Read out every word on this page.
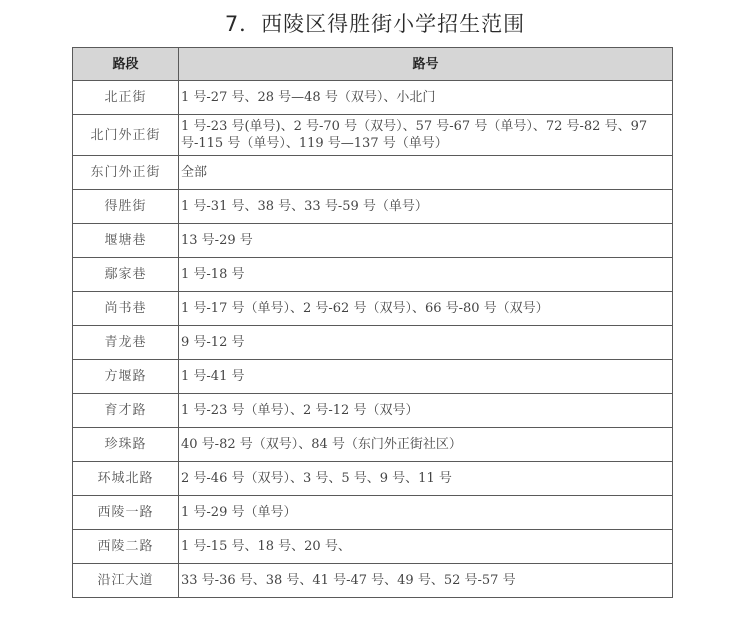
7．西陵区得胜街小学招生范围
路段	路号
北正街	1 号-27 号、28 号—48 号（双号）、小北门
北门外正街	1 号-23 号(单号)、2 号-70 号（双号）、57 号-67 号（单号）、72 号-82 号、97 号-115 号（单号）、119 号—137 号（单号）
东门外正街	全部
得胜街	1 号-31 号、38 号、33 号-59 号（单号）
堰塘巷	13 号-29 号
鄢家巷	1 号-18 号
尚书巷	1 号-17 号（单号）、2 号-62 号（双号）、66 号-80 号（双号）
青龙巷	9 号-12 号
方堰路	1 号-41 号
育才路	1 号-23 号（单号）、2 号-12 号（双号）
珍珠路	40 号-82 号（双号）、84 号（东门外正街社区）
环城北路	2 号-46 号（双号）、3 号、5 号、9 号、11 号
西陵一路	1 号-29 号（单号）
西陵二路	1 号-15 号、18 号、20 号、
沿江大道	33 号-36 号、38 号、41 号-47 号、49 号、52 号-57 号
